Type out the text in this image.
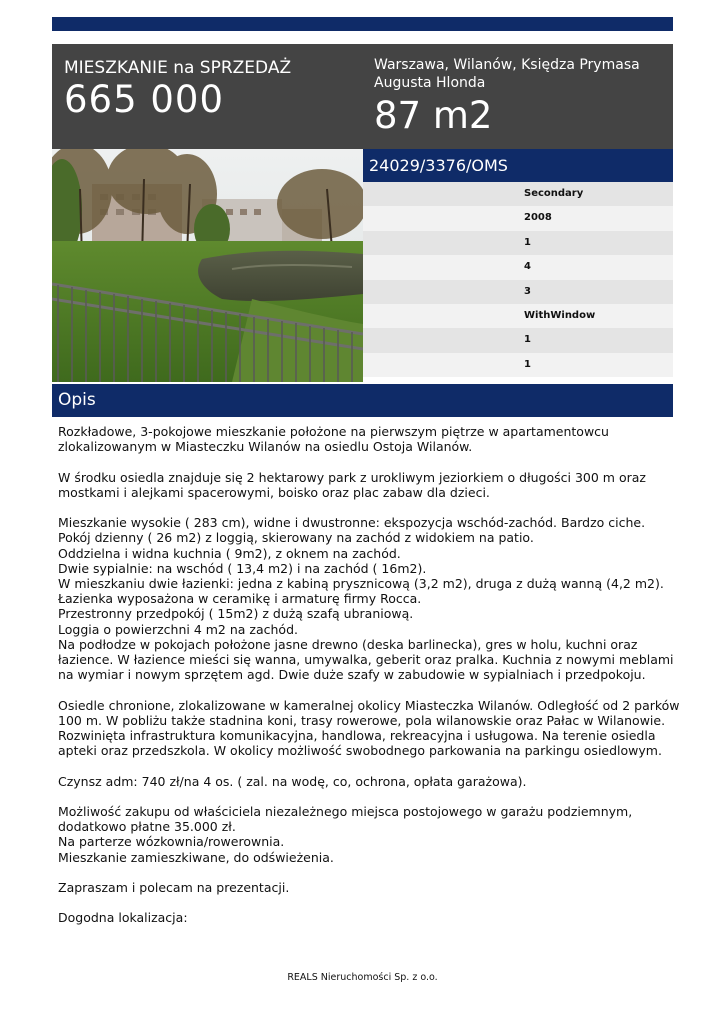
MIESZKANIE na SPRZEDAŻ
665 000
Warszawa, Wilanów, Księdza Prymasa Augusta Hlonda
87 m2
24029/3376/OMS
Secondary
2008
1
4
3
WithWindow
1
1
Opis
Rozkładowe, 3-pokojowe mieszkanie położone na pierwszym piętrze w apartamentowcu
zlokalizowanym w Miasteczku Wilanów na osiedlu Ostoja Wilanów.
W środku osiedla znajduje się 2 hektarowy park z urokliwym jeziorkiem o długości 300 m oraz
mostkami i alejkami spacerowymi, boisko oraz plac zabaw dla dzieci.
Mieszkanie wysokie ( 283 cm), widne i dwustronne: ekspozycja wschód-zachód. Bardzo ciche.
Pokój dzienny ( 26 m2) z loggią, skierowany na zachód z widokiem na patio.
Oddzielna i widna kuchnia ( 9m2), z oknem na zachód.
Dwie sypialnie: na wschód ( 13,4 m2) i na zachód ( 16m2).
W mieszkaniu dwie łazienki: jedna z kabiną prysznicową (3,2 m2), druga z dużą wanną (4,2 m2).
Łazienka wyposażona w ceramikę i armaturę firmy Rocca.
Przestronny przedpokój ( 15m2) z dużą szafą ubraniową.
Loggia o powierzchni 4 m2 na zachód.
Na podłodze w pokojach położone jasne drewno (deska barlinecka), gres w holu, kuchni oraz
łazience. W łazience mieści się wanna, umywalka, geberit oraz pralka. Kuchnia z nowymi meblami
na wymiar i nowym sprzętem agd. Dwie duże szafy w zabudowie w sypialniach i przedpokoju.
Osiedle chronione, zlokalizowane w kameralnej okolicy Miasteczka Wilanów. Odległość od 2 parków
100 m. W pobliżu także stadnina koni, trasy rowerowe, pola wilanowskie oraz Pałac w Wilanowie.
Rozwinięta infrastruktura komunikacyjna, handlowa, rekreacyjna i usługowa. Na terenie osiedla
apteki oraz przedszkola. W okolicy możliwość swobodnego parkowania na parkingu osiedlowym.
Czynsz adm: 740 zł/na 4 os. ( zal. na wodę, co, ochrona, opłata garażowa).
Możliwość zakupu od właściciela niezależnego miejsca postojowego w garażu podziemnym,
dodatkowo płatne 35.000 zł.
Na parterze wózkownia/rowerownia.
Mieszkanie zamieszkiwane, do odświeżenia.
Zapraszam i polecam na prezentacji.
Dogodna lokalizacja:
REALS Nieruchomości Sp. z o.o.
